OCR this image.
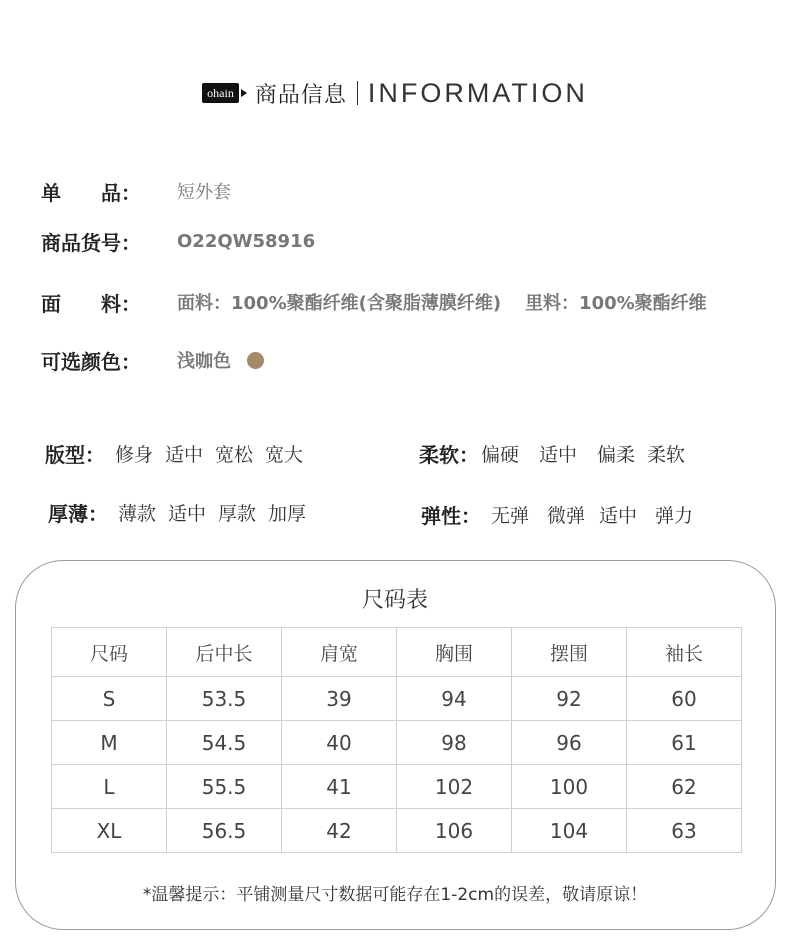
ohain 商品信息 INFORMATION
单　　品：	短外套
商品货号：	O22QW58916
面　　料：	面料：100%聚酯纤维(含聚脂薄膜纤维) 里料：100%聚酯纤维
可选颜色：	浅咖色
版型： 修身 适中 宽松 宽大	柔软： 偏硬 适中 偏柔 柔软
厚薄： 薄款 适中 厚款 加厚	弹性： 无弹 微弹 适中 弹力
尺码表
尺码	后中长	肩宽	胸围	摆围	袖长
S	53.5	39	94	92	60
M	54.5	40	98	96	61
L	55.5	41	102	100	62
XL	56.5	42	106	104	63
*温馨提示：平铺测量尺寸数据可能存在1-2cm的误差，敬请原谅！
